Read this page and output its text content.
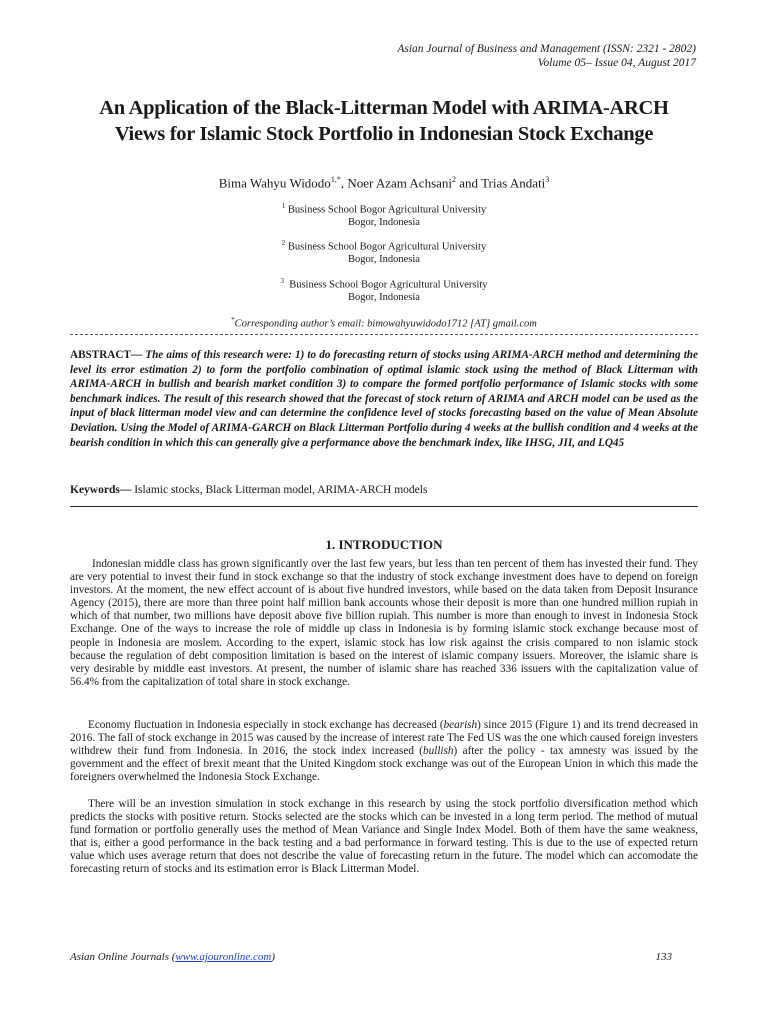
Asian Journal of Business and Management (ISSN: 2321 - 2802)
Volume 05– Issue 04, August 2017
An Application of the Black-Litterman Model with ARIMA-ARCH
Views for Islamic Stock Portfolio in Indonesian Stock Exchange
Bima Wahyu Widodo$^{1,*}$, Noer Azam Achsani$^2$ and Trias Andati$^3$
$^1$ Business School Bogor Agricultural University
Bogor, Indonesia
$^2$ Business School Bogor Agricultural University
Bogor, Indonesia
$^3$ Business School Bogor Agricultural University
Bogor, Indonesia
*Corresponding author’s email: bimowahyuwidodo1712 [AT] gmail.com
ABSTRACT— The aims of this research were: 1) to do forecasting return of stocks using ARIMA-ARCH method and determining the level its error estimation 2) to form the portfolio combination of optimal islamic stock using the method of Black Litterman with ARIMA-ARCH in bullish and bearish market condition 3) to compare the formed portfolio performance of Islamic stocks with some benchmark indices. The result of this research showed that the forecast of stock return of ARIMA and ARCH model can be used as the input of black litterman model view and can determine the confidence level of stocks forecasting based on the value of Mean Absolute Deviation. Using the Model of ARIMA-GARCH on Black Litterman Portfolio during 4 weeks at the bullish condition and 4 weeks at the bearish condition in which this can generally give a performance above the benchmark index, like IHSG, JII, and LQ45
Keywords— Islamic stocks, Black Litterman model, ARIMA-ARCH models
1. INTRODUCTION
Indonesian middle class has grown significantly over the last few years, but less than ten percent of them has invested their fund. They are very potential to invest their fund in stock exchange so that the industry of stock exchange investment does have to depend on foreign investors. At the moment, the new effect account of is about five hundred investors, while based on the data taken from Deposit Insurance Agency (2015), there are more than three point half million bank accounts whose their deposit is more than one hundred million rupiah in which of that number, two millions have deposit above five billion rupiah. This number is more than enough to invest in Indonesia Stock Exchange. One of the ways to increase the role of middle up class in Indonesia is by forming islamic stock exchange because most of people in Indonesia are moslem. According to the expert, islamic stock has low risk against the crisis compared to non islamic stock because the regulation of debt composition limitation is based on the interest of islamic company issuers. Moreover, the islamic share is very desirable by middle east investors. At present, the number of islamic share has reached 336 issuers with the capitalization value of 56.4% from the capitalization of total share in stock exchange.
Economy fluctuation in Indonesia especially in stock exchange has decreased (bearish) since 2015 (Figure 1) and its trend decreased in 2016. The fall of stock exchange in 2015 was caused by the increase of interest rate The Fed US was the one which caused foreign investers withdrew their fund from Indonesia. In 2016, the stock index increased (bullish) after the policy - tax amnesty was issued by the government and the effect of brexit meant that the United Kingdom stock exchange was out of the European Union in which this made the foreigners overwhelmed the Indonesia Stock Exchange.
There will be an investion simulation in stock exchange in this research by using the stock portfolio diversification method which predicts the stocks with positive return. Stocks selected are the stocks which can be invested in a long term period. The method of mutual fund formation or portfolio generally uses the method of Mean Variance and Single Index Model. Both of them have the same weakness, that is, either a good performance in the back testing and a bad performance in forward testing. This is due to the use of expected return value which uses average return that does not describe the value of forecasting return in the future. The model which can accomodate the forecasting return of stocks and its estimation error is Black Litterman Model.
Asian Online Journals (www.ajouronline.com)	133
